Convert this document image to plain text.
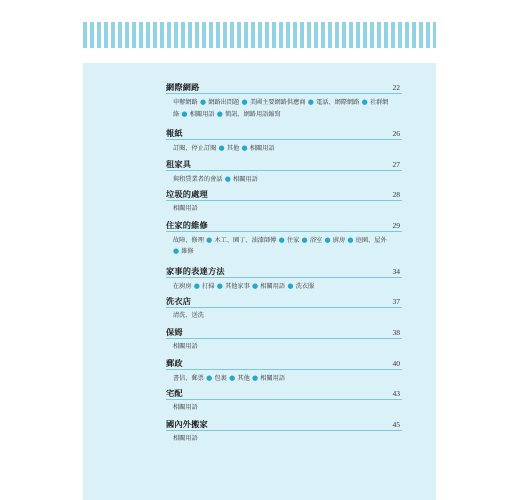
網際網路	22
申辦網路 ● 網路出問題 ● 美國主要網路供應商 ● 電話、網際網路 ● 社群網絡 ● 相關用語 ● 簡訊、網路用語縮寫
報紙	26
訂閱、停止訂閱 ● 其他 ● 相關用語
租家具	27
與租賃業者的會話 ● 相關用語
垃圾的處理	28
相關用語
住家的維修	29
故障、修理 ● 木工、園丁、油漆師傅 ● 住家 ● 浴室 ● 廚房 ● 庭園、屋外 ● 維修
家事的表達方法	34
在廚房 ● 打掃 ● 其他家事 ● 相關用語 ● 洗衣服
洗衣店	37
清洗、送洗
保姆	38
相關用語
郵政	40
書信、郵票 ● 包裹 ● 其他 ● 相關用語
宅配	43
相關用語
國內外搬家	45
相關用語
